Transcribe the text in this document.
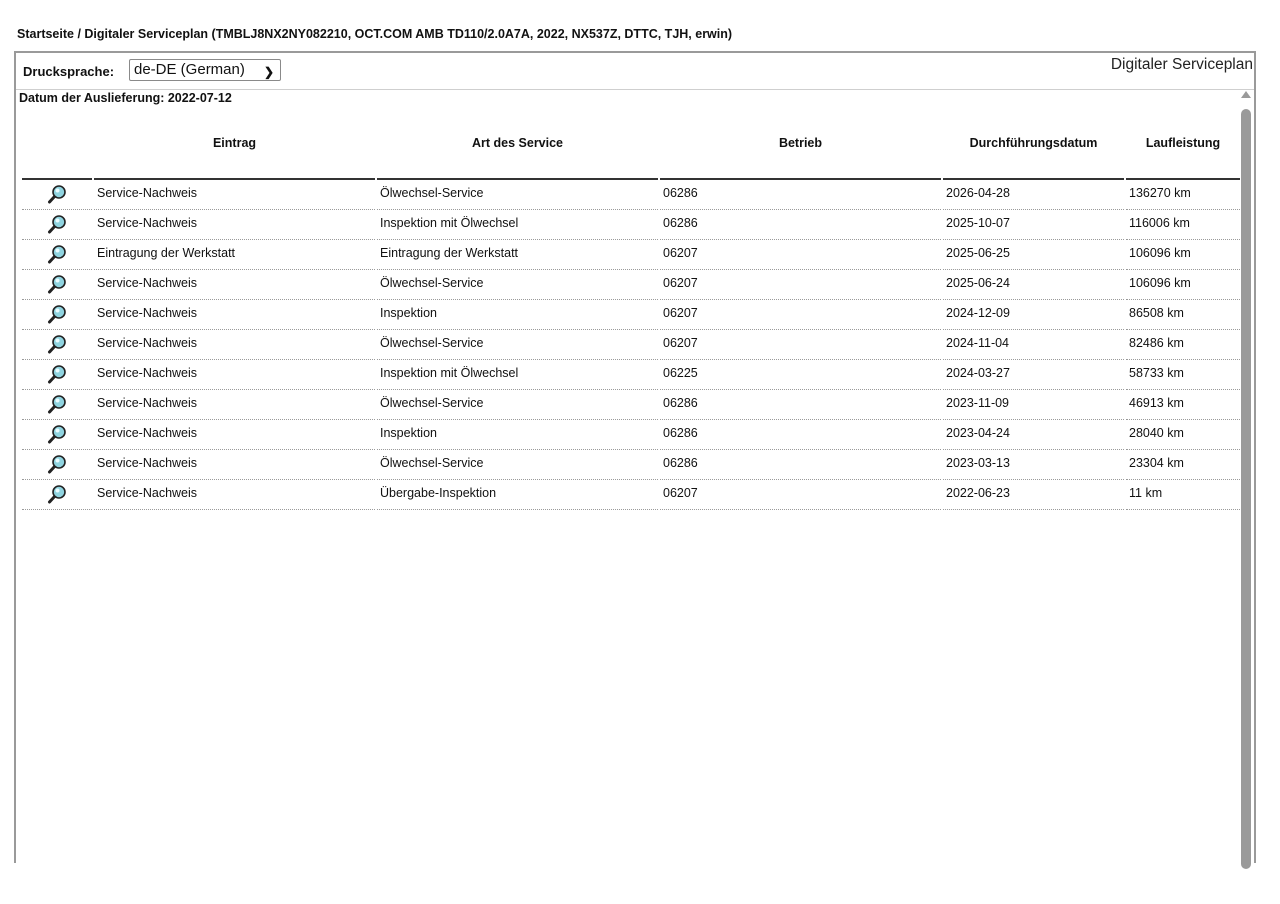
Startseite / Digitaler Serviceplan (TMBLJ8NX2NY082210, OCT.COM AMB TD110/2.0A7A, 2022, NX537Z, DTTC, TJH, erwin)
Drucksprache:	de-DE (German) ❯	Digitaler Serviceplan
Datum der Auslieferung: 2022-07-12
	Eintrag	Art des Service	Betrieb	Durchführungsdatum	Laufleistung
	Service-Nachweis	Ölwechsel-Service	06286	2026-04-28	136270 km
	Service-Nachweis	Inspektion mit Ölwechsel	06286	2025-10-07	116006 km
	Eintragung der Werkstatt	Eintragung der Werkstatt	06207	2025-06-25	106096 km
	Service-Nachweis	Ölwechsel-Service	06207	2025-06-24	106096 km
	Service-Nachweis	Inspektion	06207	2024-12-09	86508 km
	Service-Nachweis	Ölwechsel-Service	06207	2024-11-04	82486 km
	Service-Nachweis	Inspektion mit Ölwechsel	06225	2024-03-27	58733 km
	Service-Nachweis	Ölwechsel-Service	06286	2023-11-09	46913 km
	Service-Nachweis	Inspektion	06286	2023-04-24	28040 km
	Service-Nachweis	Ölwechsel-Service	06286	2023-03-13	23304 km
	Service-Nachweis	Übergabe-Inspektion	06207	2022-06-23	11 km
